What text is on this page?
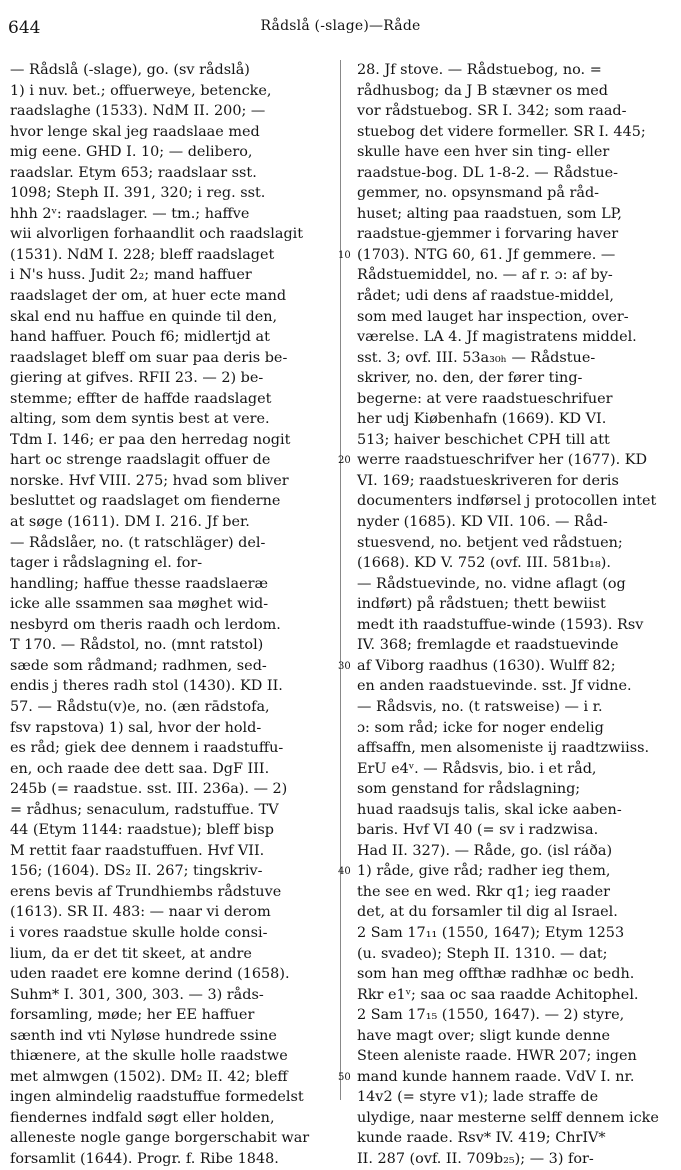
644	Rådslå (-slage)—Råde
— Rådslå (-slage), go. (sv rådslå)
1) i nuv. bet.; offuerweye, betencke,
raadslaghe (1533). NdM II. 200; —
hvor lenge skal jeg raadslaae med
mig eene. GHD I. 10; — delibero,
raadslar. Etym 653; raadslaar sst.
1098; Steph II. 391, 320; i reg. sst.
hhh 2ᵛ: raadslager. — tm.; haffve
wii alvorligen forhaandlit och raadslagit
(1531). NdM I. 228; bleff raadslaget
i N's huss. Judit 2₂; mand haffuer
raadslaget der om, at huer ecte mand
skal end nu haffue en quinde til den,
hand haffuer. Pouch f6; midlertjd at
raadslaget bleff om suar paa deris be-
giering at gifves. RFII 23. — 2) be-
stemme; effter de haffde raadslaget
alting, som dem syntis best at vere.
Tdm I. 146; er paa den herredag nogit
hart oc strenge raadslagit offuer de
norske. Hvf VIII. 275; hvad som bliver
besluttet og raadslaget om fienderne
at søge (1611). DM I. 216. Jf ber.
— Rådslåer, no. (t ratschläger) del-
tager i rådslagning el. for-
handling; haffue thesse raadslaeræ
icke alle ssammen saa møghet wid-
nesbyrd om theris raadh och lerdom.
T 170. — Rådstol, no. (mnt ratstol)
sæde som rådmand; radhmen, sed-
endis j theres radh stol (1430). KD II.
57. — Rådstu(v)e, no. (æn rādstofa,
fsv rapstova) 1) sal, hvor der hold-
es råd; giek dee dennem i raadstuffu-
en, och raade dee dett saa. DgF III.
245b (= raadstue. sst. III. 236a). — 2)
= rådhus; senaculum, radstuffue. TV
44 (Etym 1144: raadstue); bleff bisp
M rettit faar raadstuffuen. Hvf VII.
156; (1604). DS₂ II. 267; tingskriv-
erens bevis af Trundhiembs rådstuve
(1613). SR II. 483: — naar vi derom
i vores raadstue skulle holde consi-
lium, da er det tit skeet, at andre
uden raadet ere komne derind (1658).
Suhm* I. 301, 300, 303. — 3) råds-
forsamling, møde; her EE haffuer
sænth ind vti Nyløse hundrede ssine
thiænere, at the skulle holle raadstwe
met almwgen (1502). DM₂ II. 42; bleff
ingen almindelig raadstuffue formedelst
fiendernes indfald søgt eller holden,
alleneste nogle gange borgerschabit war
forsamlit (1644). Progr. f. Ribe 1848.
28. Jf stove. — Rådstuebog, no. =
rådhusbog; da J B stævner os med
vor rådstuebog. SR I. 342; som raad-
stuebog det videre formeller. SR I. 445;
skulle have een hver sin ting- eller
raadstue-bog. DL 1-8-2. — Rådstue-
gemmer, no. opsynsmand på råd-
huset; alting paa raadstuen, som LP,
raadstue-gjemmer i forvaring haver
(1703). NTG 60, 61. Jf gemmere. —
Rådstuemiddel, no. — af r. ɔ: af by-
rådet; udi dens af raadstue-middel,
som med lauget har inspection, over-
værelse. LA 4. Jf magistratens middel.
sst. 3; ovf. III. 53a₃₀ₕ — Rådstue-
skriver, no. den, der fører ting-
begerne: at vere raadstueschrifuer
her udj Kiøbenhafn (1669). KD VI.
513; haiver beschichet CPH till att
werre raadstueschrifver her (1677). KD
VI. 169; raadstueskriveren for deris
documenters indførsel j protocollen intet
nyder (1685). KD VII. 106. — Råd-
stuesvend, no. betjent ved rådstuen;
(1668). KD V. 752 (ovf. III. 581b₁₈).
— Rådstuevinde, no. vidne aflagt (og
indført) på rådstuen; thett bewiist
medt ith raadstuffue-winde (1593). Rsv
IV. 368; fremlagde et raadstuevinde
af Viborg raadhus (1630). Wulff 82;
en anden raadstuevinde. sst. Jf vidne.
— Rådsvis, no. (t ratsweise) — i r.
ɔ: som råd; icke for noger endelig
affsaffn, men alsomeniste ij raadtzwiiss.
ErU e4ᵛ. — Rådsvis, bio. i et råd,
som genstand for rådslagning;
huad raadsujs talis, skal icke aaben-
baris. Hvf VI 40 (= sv i radzwisa.
Had II. 327). — Råde, go. (isl ráða)
1) råde, give råd; radher ieg them,
the see en wed. Rkr q1; ieg raader
det, at du forsamler til dig al Israel.
2 Sam 17₁₁ (1550, 1647); Etym 1253
(u. svadeo); Steph II. 1310. — dat;
som han meg offthæ radhhæ oc bedh.
Rkr e1ᵛ; saa oc saa raadde Achitophel.
2 Sam 17₁₅ (1550, 1647). — 2) styre,
have magt over; sligt kunde denne
Steen aleniste raade. HWR 207; ingen
mand kunde hannem raade. VdV I. nr.
14v2 (= styre v1); lade straffe de
ulydige, naar mesterne selff dennem icke
kunde raade. Rsv* IV. 419; ChrIV*
II. 287 (ovf. II. 709b₂₅); — 3) for-
10
20
30
40
50
